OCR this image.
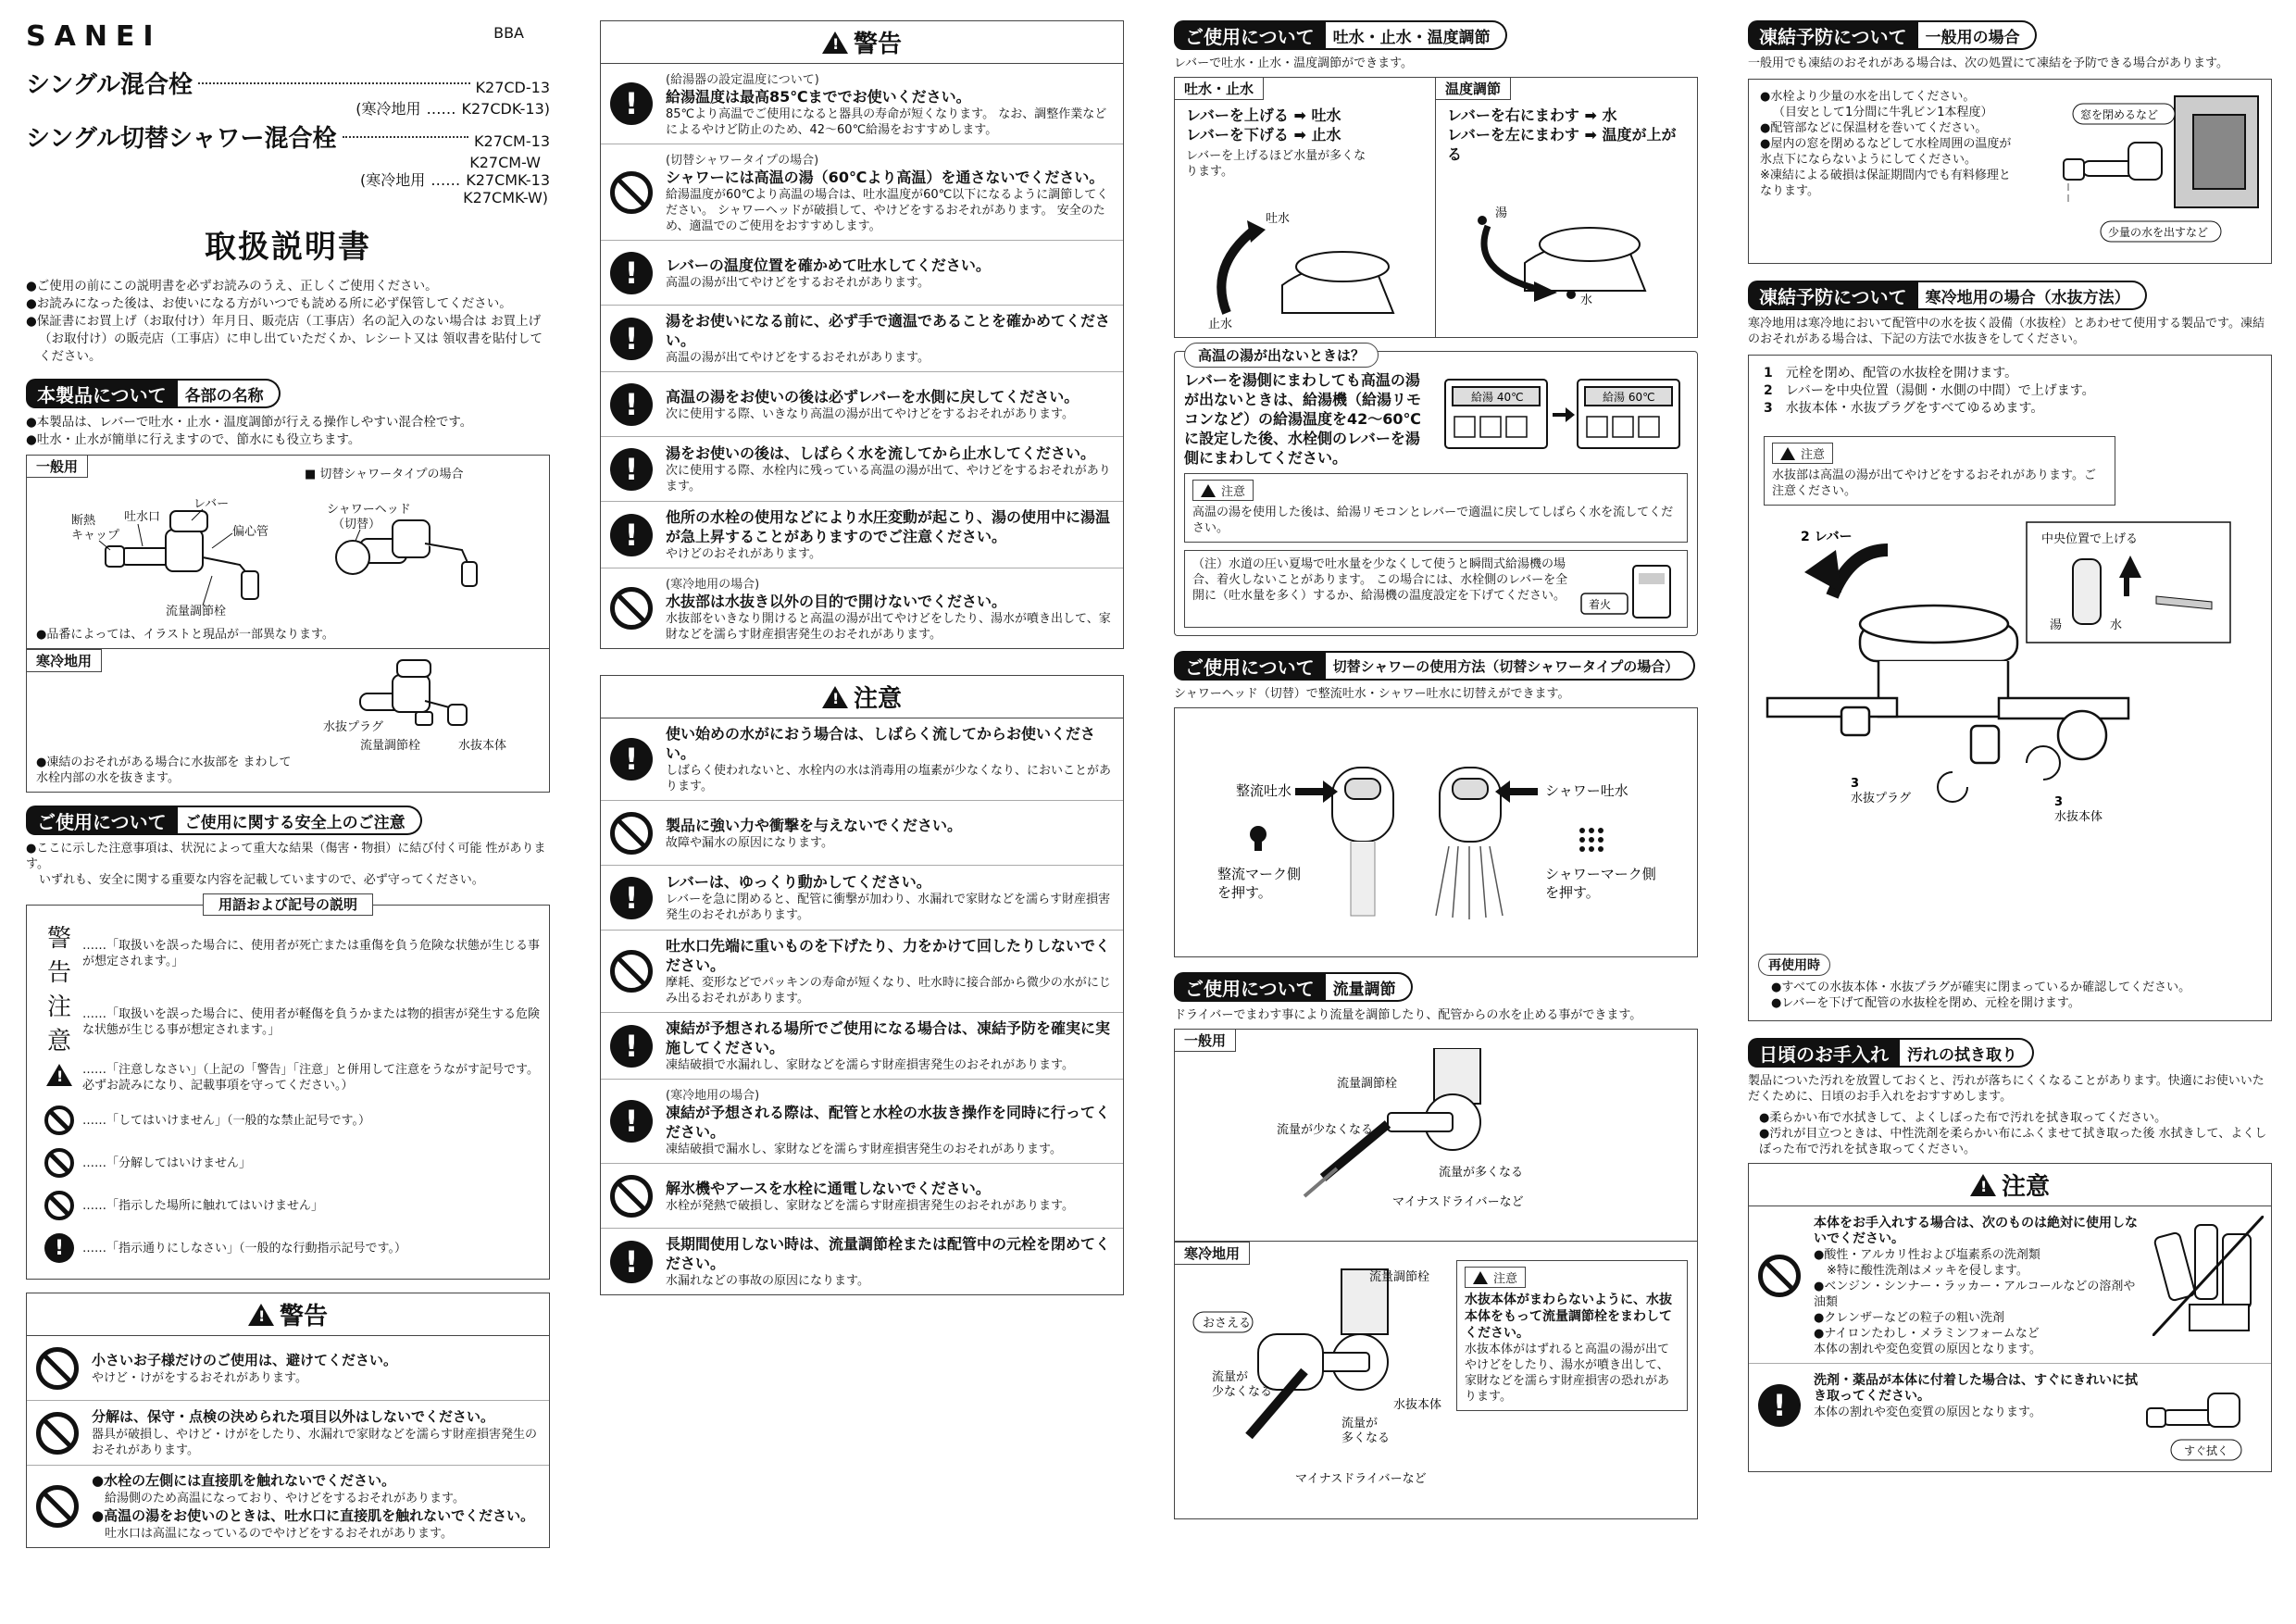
SANEI	BBA
シングル混合栓	K27CD-13
(寒冷地用 …… K27CDK-13)
シングル切替シャワー混合栓	K27CM-13
K27CM-W
(寒冷地用 …… K27CMK-13
K27CMK-W)
取扱説明書

●ご使用の前にこの説明書を必ずお読みのうえ、正しくご使用ください。

●お読みになった後は、お使いになる方がいつでも読める所に必ず保管してください。

●保証書にお買上げ（お取付け）年月日、販売店（工事店）名の記入のない場合は お買上げ（お取付け）の販売店（工事店）に申し出ていただくか、レシート又は 領収書を貼付してください。

本製品について	各部の名称

●本製品は、レバーで吐水・止水・温度調節が行える操作しやすい混合栓です。

●吐水・止水が簡単に行えますので、節水にも役立ちます。

一般用	■ 切替シャワータイプの場合
レバー
吐水口
断熱
キャップ	偏心管
流量調節栓
シャワーヘッド
（切替）
●品番によっては、イラストと現品が一部異なります。
寒冷地用
水抜プラグ
流量調節栓	水抜本体

●凍結のおそれがある場合に水抜部を まわして水栓内部の水を抜きます。

ご使用について	ご使用に関する安全上のご注意

●ここに示した注意事項は、状況によって重大な結果（傷害・物損）に結び付く可能 性があります。

いずれも、安全に関する重要な内容を記載していますので、必ず守ってください。

用語および記号の説明
警告
……「取扱いを誤った場合に、使用者が死亡または重傷を負う危険な状態が生じる事が想定されます。」
注意
……「取扱いを誤った場合に、使用者が軽傷を負うかまたは物的損害が発生する危険な状態が生じる事が想定されます。」
!
……「注意しなさい」（上記の「警告」「注意」と併用して注意をうながす記号です。必ずお読みになり、記載事項を守ってください。）
……「してはいけません」（一般的な禁止記号です。）
……「分解してはいけません」
……「指示した場所に触れてはいけません」
!	……「指示通りにしなさい」（一般的な行動指示記号です。）
!
警告
小さいお子様だけのご使用は、避けてください。
やけど・けがをするおそれがあります。
分解は、保守・点検の決められた項目以外はしないでください。
器具が破損し、やけど・けがをしたり、水漏れで家財などを濡らす財産損害発生のおそれがあります。
●水栓の左側には直接肌を触れないでください。
給湯側のため高温になっており、やけどをするおそれがあります。
●高温の湯をお使いのときは、吐水口に直接肌を触れないでください。
吐水口は高温になっているのでやけどをするおそれがあります。
!
警告
!
(給湯器の設定温度について)
給湯温度は最高85℃まででお使いください。
85℃より高温でご使用になると器具の寿命が短くなります。 なお、調整作業などによるやけど防止のため、42〜60℃給湯をおすすめします。
(切替シャワータイプの場合)
シャワーには高温の湯（60℃より高温）を通さないでください。
給湯温度が60℃より高温の場合は、吐水温度が60℃以下になるように調節してください。 シャワーヘッドが破損して、やけどをするおそれがあります。 安全のため、適温でのご使用をおすすめします。
!	レバーの温度位置を確かめて吐水してください。
高温の湯が出てやけどをするおそれがあります。
!	湯をお使いになる前に、必ず手で適温であることを確かめてください。
高温の湯が出てやけどをするおそれがあります。
!	高温の湯をお使いの後は必ずレバーを水側に戻してください。
次に使用する際、いきなり高温の湯が出てやけどをするおそれがあります。
!	湯をお使いの後は、しばらく水を流してから止水してください。
次に使用する際、水栓内に残っている高温の湯が出て、やけどをするおそれがあります。
!	他所の水栓の使用などにより水圧変動が起こり、湯の使用中に湯温が急上昇することがありますのでご注意ください。
やけどのおそれがあります。
(寒冷地用の場合)
水抜部は水抜き以外の目的で開けないでください。
水抜部をいきなり開けると高温の湯が出てやけどをしたり、湯水が噴き出して、家財などを濡らす財産損害発生のおそれがあります。
!
注意
!
使い始めの水がにおう場合は、しばらく流してからお使いください。
しばらく使われないと、水栓内の水は消毒用の塩素が少なくなり、においことがあります。
製品に強い力や衝撃を与えないでください。
故障や漏水の原因になります。
!	レバーは、ゆっくり動かしてください。
レバーを急に閉めると、配管に衝撃が加わり、水漏れで家財などを濡らす財産損害発生のおそれがあります。
吐水口先端に重いものを下げたり、力をかけて回したりしないでください。
摩耗、変形などでパッキンの寿命が短くなり、吐水時に接合部から微少の水がにじみ出るおそれがあります。
!	凍結が予想される場所でご使用になる場合は、凍結予防を確実に実施してください。
凍結破損で水漏れし、家財などを濡らす財産損害発生のおそれがあります。
!
(寒冷地用の場合)
凍結が予想される際は、配管と水栓の水抜き操作を同時に行ってください。
凍結破損で漏水し、家財などを濡らす財産損害発生のおそれがあります。
解氷機やアースを水栓に通電しないでください。
水栓が発熱で破損し、家財などを濡らす財産損害発生のおそれがあります。
!	長期間使用しない時は、流量調節栓または配管中の元栓を閉めてください。
水漏れなどの事故の原因になります。
ご使用について	吐水・止水・温度調節

レバーで吐水・止水・温度調節ができます。

吐水・止水
レバーを上げる ➡ 吐水
レバーを下げる ➡ 止水

レバーを上げるほど水量が多くなります。

吐水
止水
温度調節
レバーを右にまわす ➡ 水
レバーを左にまわす ➡ 温度が上がる
湯
水
高温の湯が出ないときは？

レバーを湯側にまわしても高温の湯が出ないときは、給湯機（給湯リモコンなど）の給湯温度を42〜60℃に設定した後、水栓側のレバーを湯側にまわしてください。

給湯 40℃	給湯 60℃
注意

高温の湯を使用した後は、給湯リモコンとレバーで適温に戻してしばらく水を流してください。

（注）水道の圧い夏場で吐水量を少なくして使うと瞬間式給湯機の場合、着火しないことがあります。 この場合には、水栓側のレバーを全開に（吐水量を多く）するか、給湯機の温度設定を下げてください。

着火
ご使用について	切替シャワーの使用方法（切替シャワータイプの場合）

シャワーヘッド（切替）で整流吐水・シャワー吐水に切替えができます。

整流吐水	シャワー吐水
整流マーク側
を押す。
シャワーマーク側
を押す。
ご使用について	流量調節

ドライバーでまわす事により流量を調節したり、配管からの水を止める事ができます。

一般用
流量調節栓
流量が少なくなる
流量が多くなる
マイナスドライバーなど
寒冷地用
流量調節栓
おさえる
流量が
少なくなる
流量が
多くなる
水抜本体
マイナスドライバーなど
注意

水抜本体がまわらないように、水抜本体をもって流量調節栓をまわしてください。

水抜本体がはずれると高温の湯が出てやけどをしたり、湯水が噴き出して、家財などを濡らす財産損害の恐れがあります。

凍結予防について	一般用の場合

一般用でも凍結のおそれがある場合は、次の処置にて凍結を予防できる場合があります。

●水栓より少量の水を出してください。

（目安として1分間に牛乳ビン1本程度）

●配管部などに保温材を巻いてください。

●屋内の窓を閉めるなどして水栓周囲の温度が氷点下にならないようにしてください。

※凍結による破損は保証期間内でも有料修理となります。

窓を閉めるなど
少量の水を出すなど
凍結予防について	寒冷地用の場合（水抜方法）

寒冷地用は寒冷地において配管中の水を抜く設備（水抜栓）とあわせて使用する製品です。凍結のおそれがある場合は、下記の方法で水抜きをしてください。

1 元栓を閉め、配管の水抜栓を開けます。

2 レバーを中央位置（湯側・水側の中間）で上げます。

3 水抜本体・水抜プラグをすべてゆるめます。

注意

水抜部は高温の湯が出てやけどをするおそれがあります。ご注意ください。

中央位置で上げる
湯	水
2 レバー
3
水抜プラグ	3
水抜本体
再使用時

●すべての水抜本体・水抜プラグが確実に閉まっているか確認してください。

●レバーを下げて配管の水抜栓を閉め、元栓を開けます。

日頃のお手入れ	汚れの拭き取り

製品についた汚れを放置しておくと、汚れが落ちにくくなることがあります。快適にお使いいただくために、日頃のお手入れをおすすめします。

●柔らかい布で水拭きして、よくしぼった布で汚れを拭き取ってください。

●汚れが目立つときは、中性洗剤を柔らかい布にふくませて拭き取った後 水拭きして、よくしぼった布で汚れを拭き取ってください。

!
注意

本体をお手入れする場合は、次のものは絶対に使用しないでください。

●酸性・アルカリ性および塩素系の洗剤類

※特に酸性洗剤はメッキを侵します。

●ベンジン・シンナー・ラッカー・アルコールなどの溶剤や油類

●クレンザーなどの粒子の粗い洗剤

●ナイロンたわし・メラミンフォームなど

本体の割れや変色変質の原因となります。

!

洗剤・薬品が本体に付着した場合は、すぐにきれいに拭き取ってください。

本体の割れや変色変質の原因となります。

すぐ拭く
